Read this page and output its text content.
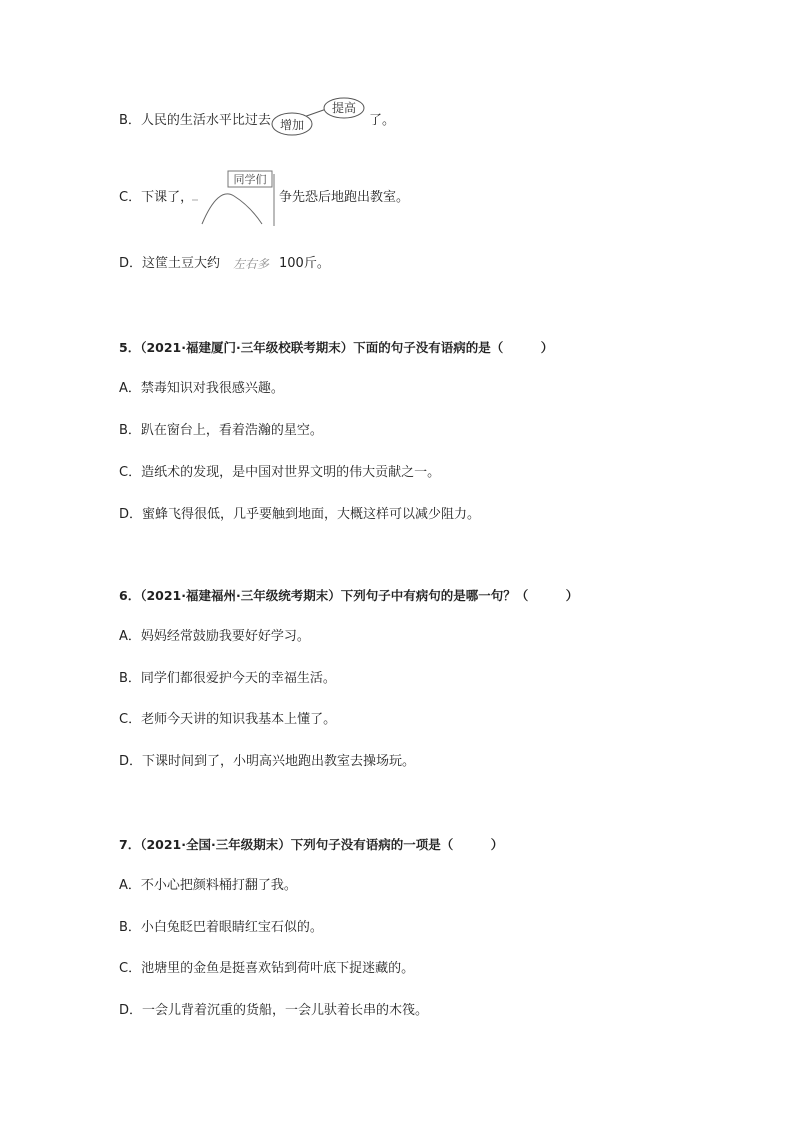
B．人民的生活水平比过去 增加
提高
了。
C．下课了，
同学们
争先恐后地跑出教室。
D．这筐土豆大约 左右多 100斤。
5．（2021·福建厦门·三年级校联考期末）下面的句子没有语病的是（　　　）
A．禁毒知识对我很感兴趣。
B．趴在窗台上，看着浩瀚的星空。
C．造纸术的发现，是中国对世界文明的伟大贡献之一。
D．蜜蜂飞得很低，几乎要触到地面，大概这样可以减少阻力。
6．（2021·福建福州·三年级统考期末）下列句子中有病句的是哪一句？（　　　）
A．妈妈经常鼓励我要好好学习。
B．同学们都很爱护今天的幸福生活。
C．老师今天讲的知识我基本上懂了。
D．下课时间到了，小明高兴地跑出教室去操场玩。
7．（2021·全国·三年级期末）下列句子没有语病的一项是（　　　）
A．不小心把颜料桶打翻了我。
B．小白兔眨巴着眼睛红宝石似的。
C．池塘里的金鱼是挺喜欢钻到荷叶底下捉迷藏的。
D．一会儿背着沉重的货船，一会儿驮着长串的木筏。
